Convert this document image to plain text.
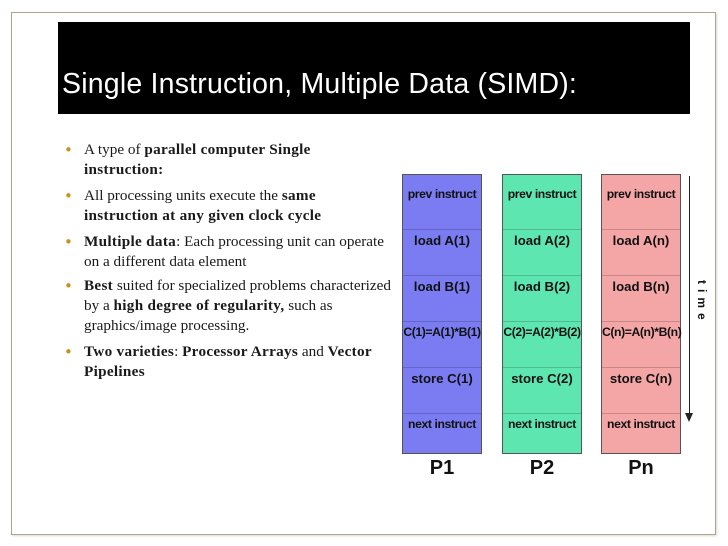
Single Instruction, Multiple Data (SIMD):
• A type of parallel computer Single instruction:
• All processing units execute the same instruction at any given clock cycle
• Multiple data: Each processing unit can operate on a different data element
• Best suited for specialized problems characterized by a high degree of regularity, such as graphics/image processing.
• Two varieties: Processor Arrays and Vector Pipelines
prev instruct
load A(1)
load B(1)
C(1)=A(1)*B(1)
store C(1)
next instruct
P1
prev instruct
load A(2)
load B(2)
C(2)=A(2)*B(2)
store C(2)
next instruct
P2
prev instruct
load A(n)
load B(n)
C(n)=A(n)*B(n)
store C(n)
next instruct
Pn
time
